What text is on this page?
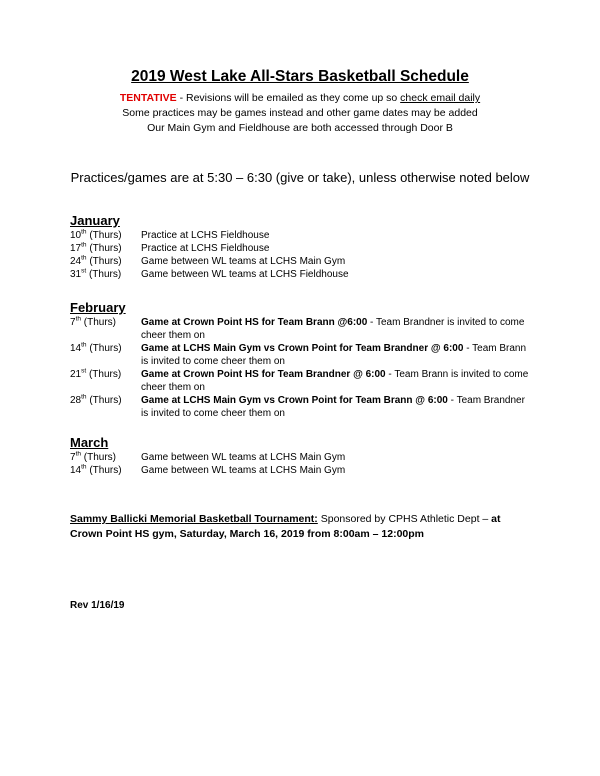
2019 West Lake All-Stars Basketball Schedule
TENTATIVE - Revisions will be emailed as they come up so check email daily
Some practices may be games instead and other game dates may be added
Our Main Gym and Fieldhouse are both accessed through Door B
Practices/games are at 5:30 – 6:30 (give or take), unless otherwise noted below
January
10th (Thurs)	Practice at LCHS Fieldhouse
17th (Thurs)	Practice at LCHS Fieldhouse
24th (Thurs)	Game between WL teams at LCHS Main Gym
31st (Thurs)	Game between WL teams at LCHS Fieldhouse
February
7th (Thurs)	Game at Crown Point HS for Team Brann @6:00 - Team Brandner is invited to come cheer them on
14th (Thurs)	Game at LCHS Main Gym vs Crown Point for Team Brandner @ 6:00 - Team Brann is invited to come cheer them on
21st (Thurs)	Game at Crown Point HS for Team Brandner @ 6:00 - Team Brann is invited to come cheer them on
28th (Thurs)	Game at LCHS Main Gym vs Crown Point for Team Brann @ 6:00 - Team Brandner is invited to come cheer them on
March
7th (Thurs)	Game between WL teams at LCHS Main Gym
14th (Thurs)	Game between WL teams at LCHS Main Gym
Sammy Ballicki Memorial Basketball Tournament: Sponsored by CPHS Athletic Dept – at Crown Point HS gym, Saturday, March 16, 2019 from 8:00am – 12:00pm
Rev 1/16/19
